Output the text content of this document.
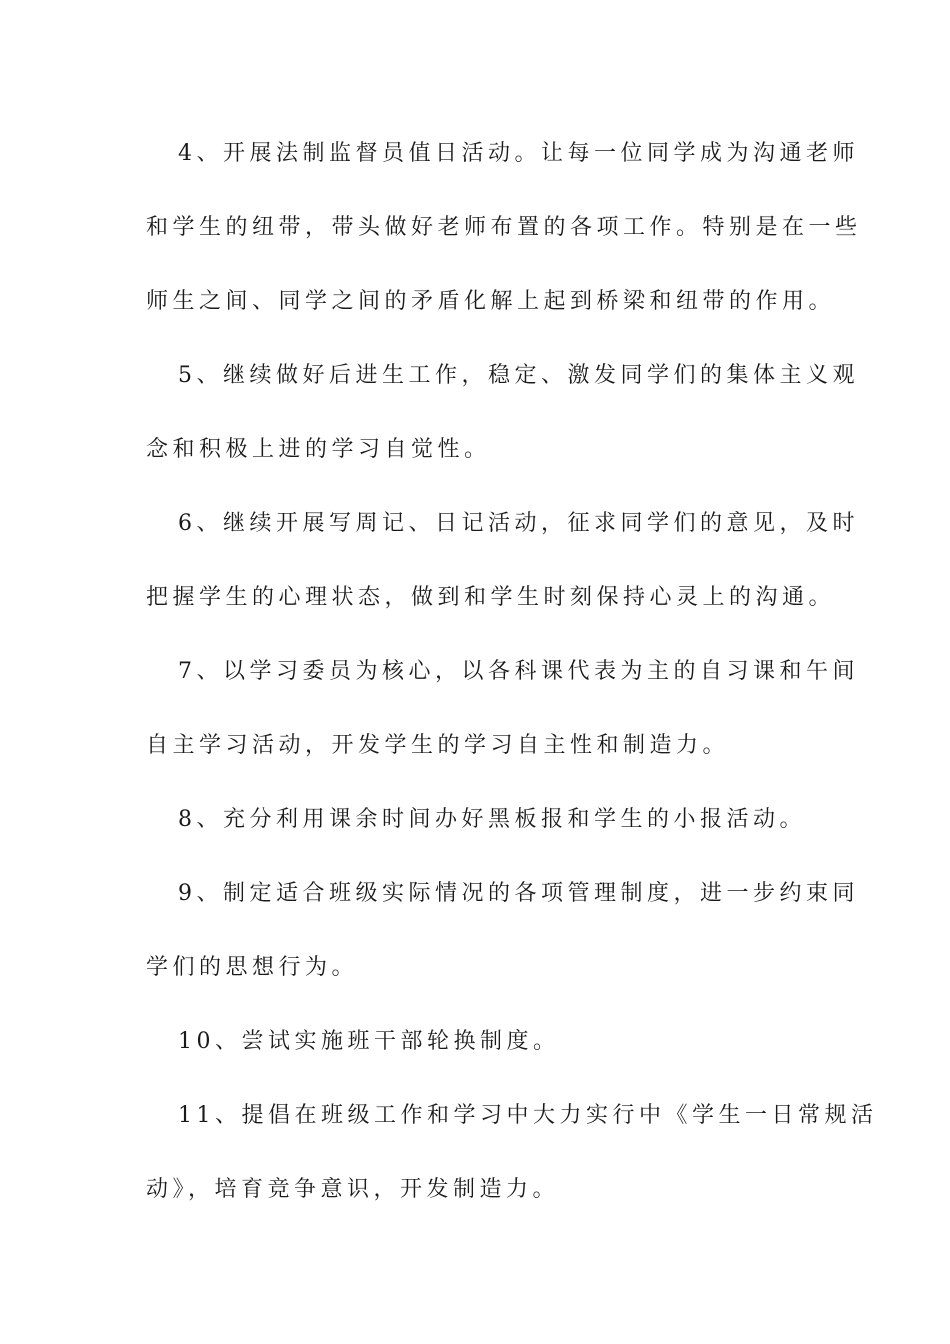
4、开展法制监督员值日活动。让每一位同学成为沟通老师
和学生的纽带，带头做好老师布置的各项工作。特别是在一些
师生之间、同学之间的矛盾化解上起到桥梁和纽带的作用。
5、继续做好后进生工作，稳定、激发同学们的集体主义观
念和积极上进的学习自觉性。
6、继续开展写周记、日记活动，征求同学们的意见，及时
把握学生的心理状态，做到和学生时刻保持心灵上的沟通。
7、以学习委员为核心，以各科课代表为主的自习课和午间
自主学习活动，开发学生的学习自主性和制造力。
8、充分利用课余时间办好黑板报和学生的小报活动。
9、制定适合班级实际情况的各项管理制度，进一步约束同
学们的思想行为。
10、尝试实施班干部轮换制度。
11、提倡在班级工作和学习中大力实行中《学生一日常规活
动》，培育竞争意识，开发制造力。
